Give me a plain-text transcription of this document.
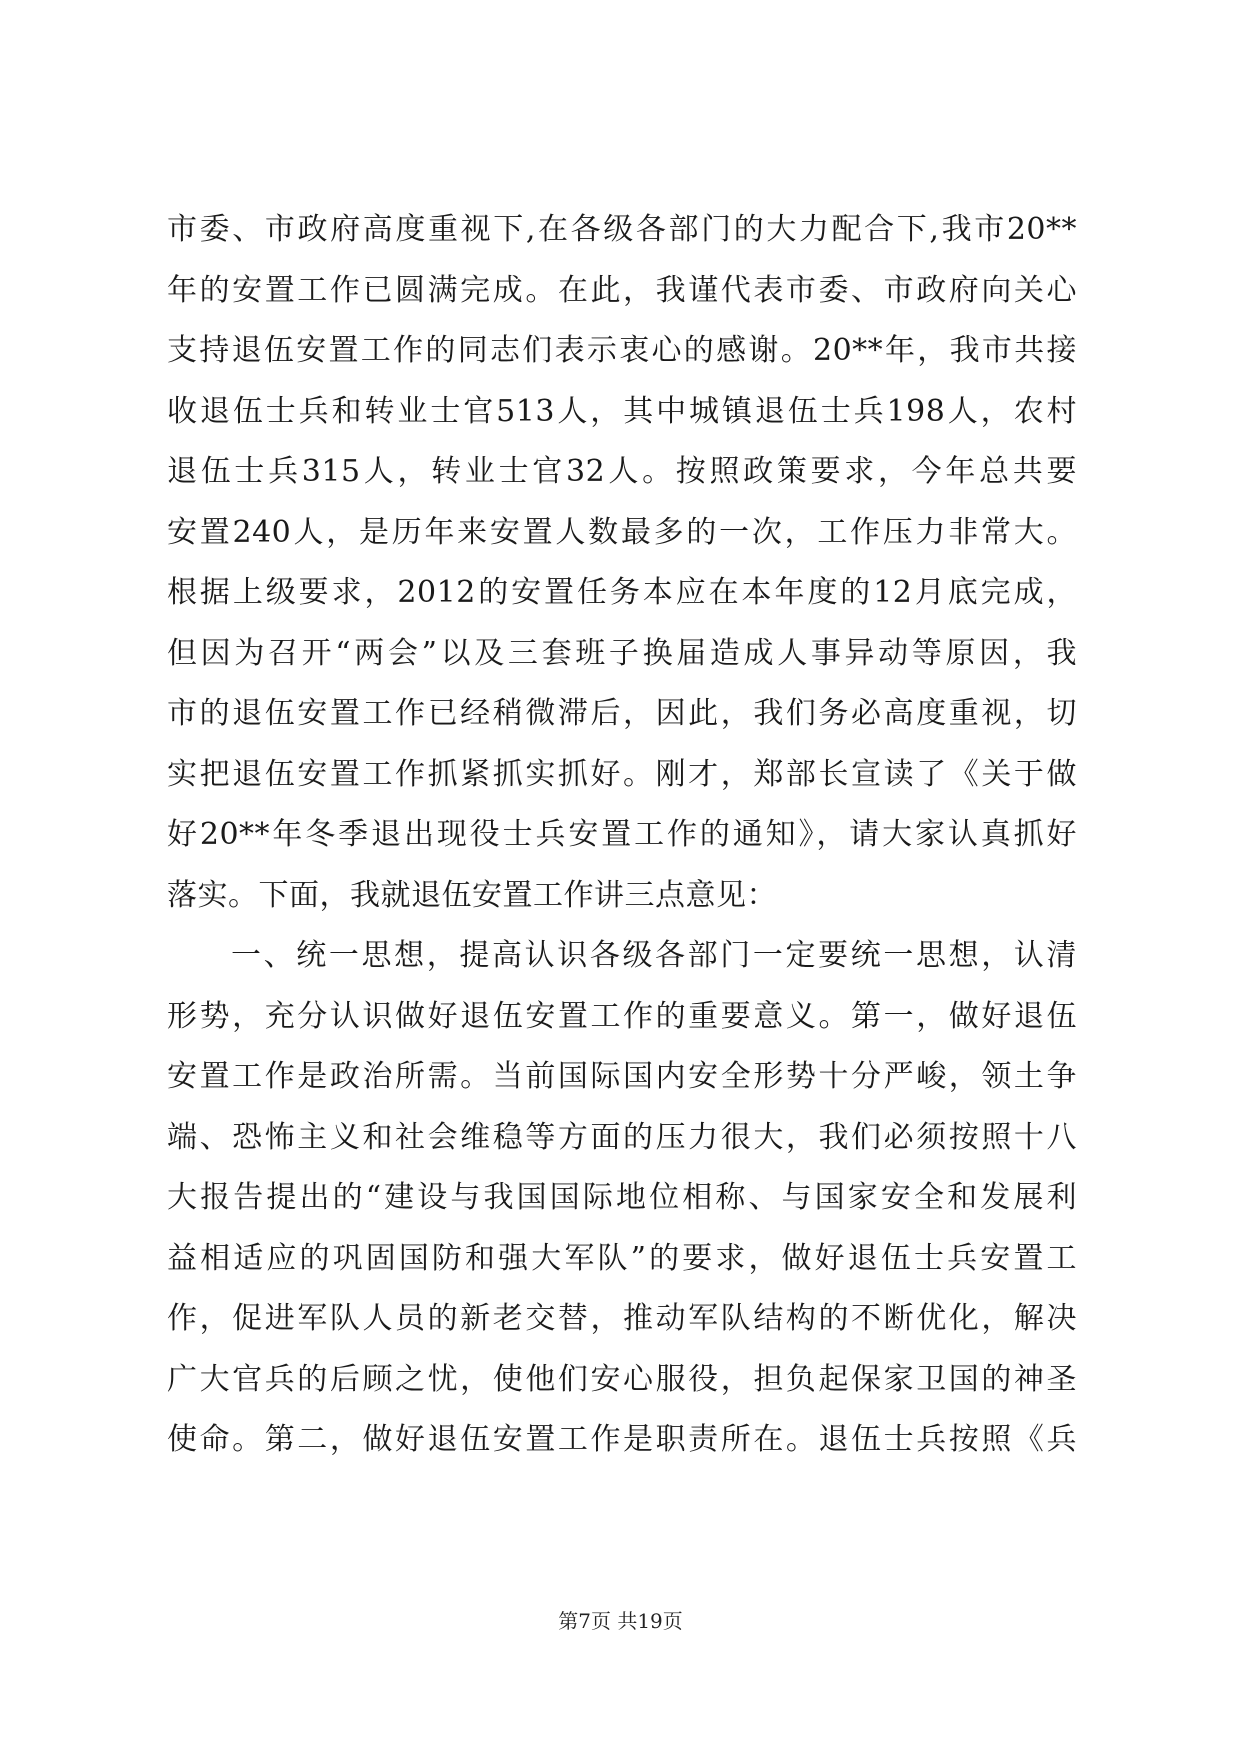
市委、市政府高度重视下,在各级各部门的大力配合下,我市20**
年的安置工作已圆满完成。在此，我谨代表市委、市政府向关心
支持退伍安置工作的同志们表示衷心的感谢。20**年，我市共接
收退伍士兵和转业士官513人，其中城镇退伍士兵198人，农村
退伍士兵315人，转业士官32人。按照政策要求，今年总共要
安置240人，是历年来安置人数最多的一次，工作压力非常大。
根据上级要求，2012的安置任务本应在本年度的12月底完成，
但因为召开“两会”以及三套班子换届造成人事异动等原因，我
市的退伍安置工作已经稍微滞后，因此，我们务必高度重视，切
实把退伍安置工作抓紧抓实抓好。刚才，郑部长宣读了《关于做
好20**年冬季退出现役士兵安置工作的通知》，请大家认真抓好
落实。下面，我就退伍安置工作讲三点意见：
一、统一思想，提高认识各级各部门一定要统一思想，认清
形势，充分认识做好退伍安置工作的重要意义。第一，做好退伍
安置工作是政治所需。当前国际国内安全形势十分严峻，领土争
端、恐怖主义和社会维稳等方面的压力很大，我们必须按照十八
大报告提出的“建设与我国国际地位相称、与国家安全和发展利
益相适应的巩固国防和强大军队”的要求，做好退伍士兵安置工
作，促进军队人员的新老交替，推动军队结构的不断优化，解决
广大官兵的后顾之忧，使他们安心服役，担负起保家卫国的神圣
使命。第二，做好退伍安置工作是职责所在。退伍士兵按照《兵
第7页 共19页
